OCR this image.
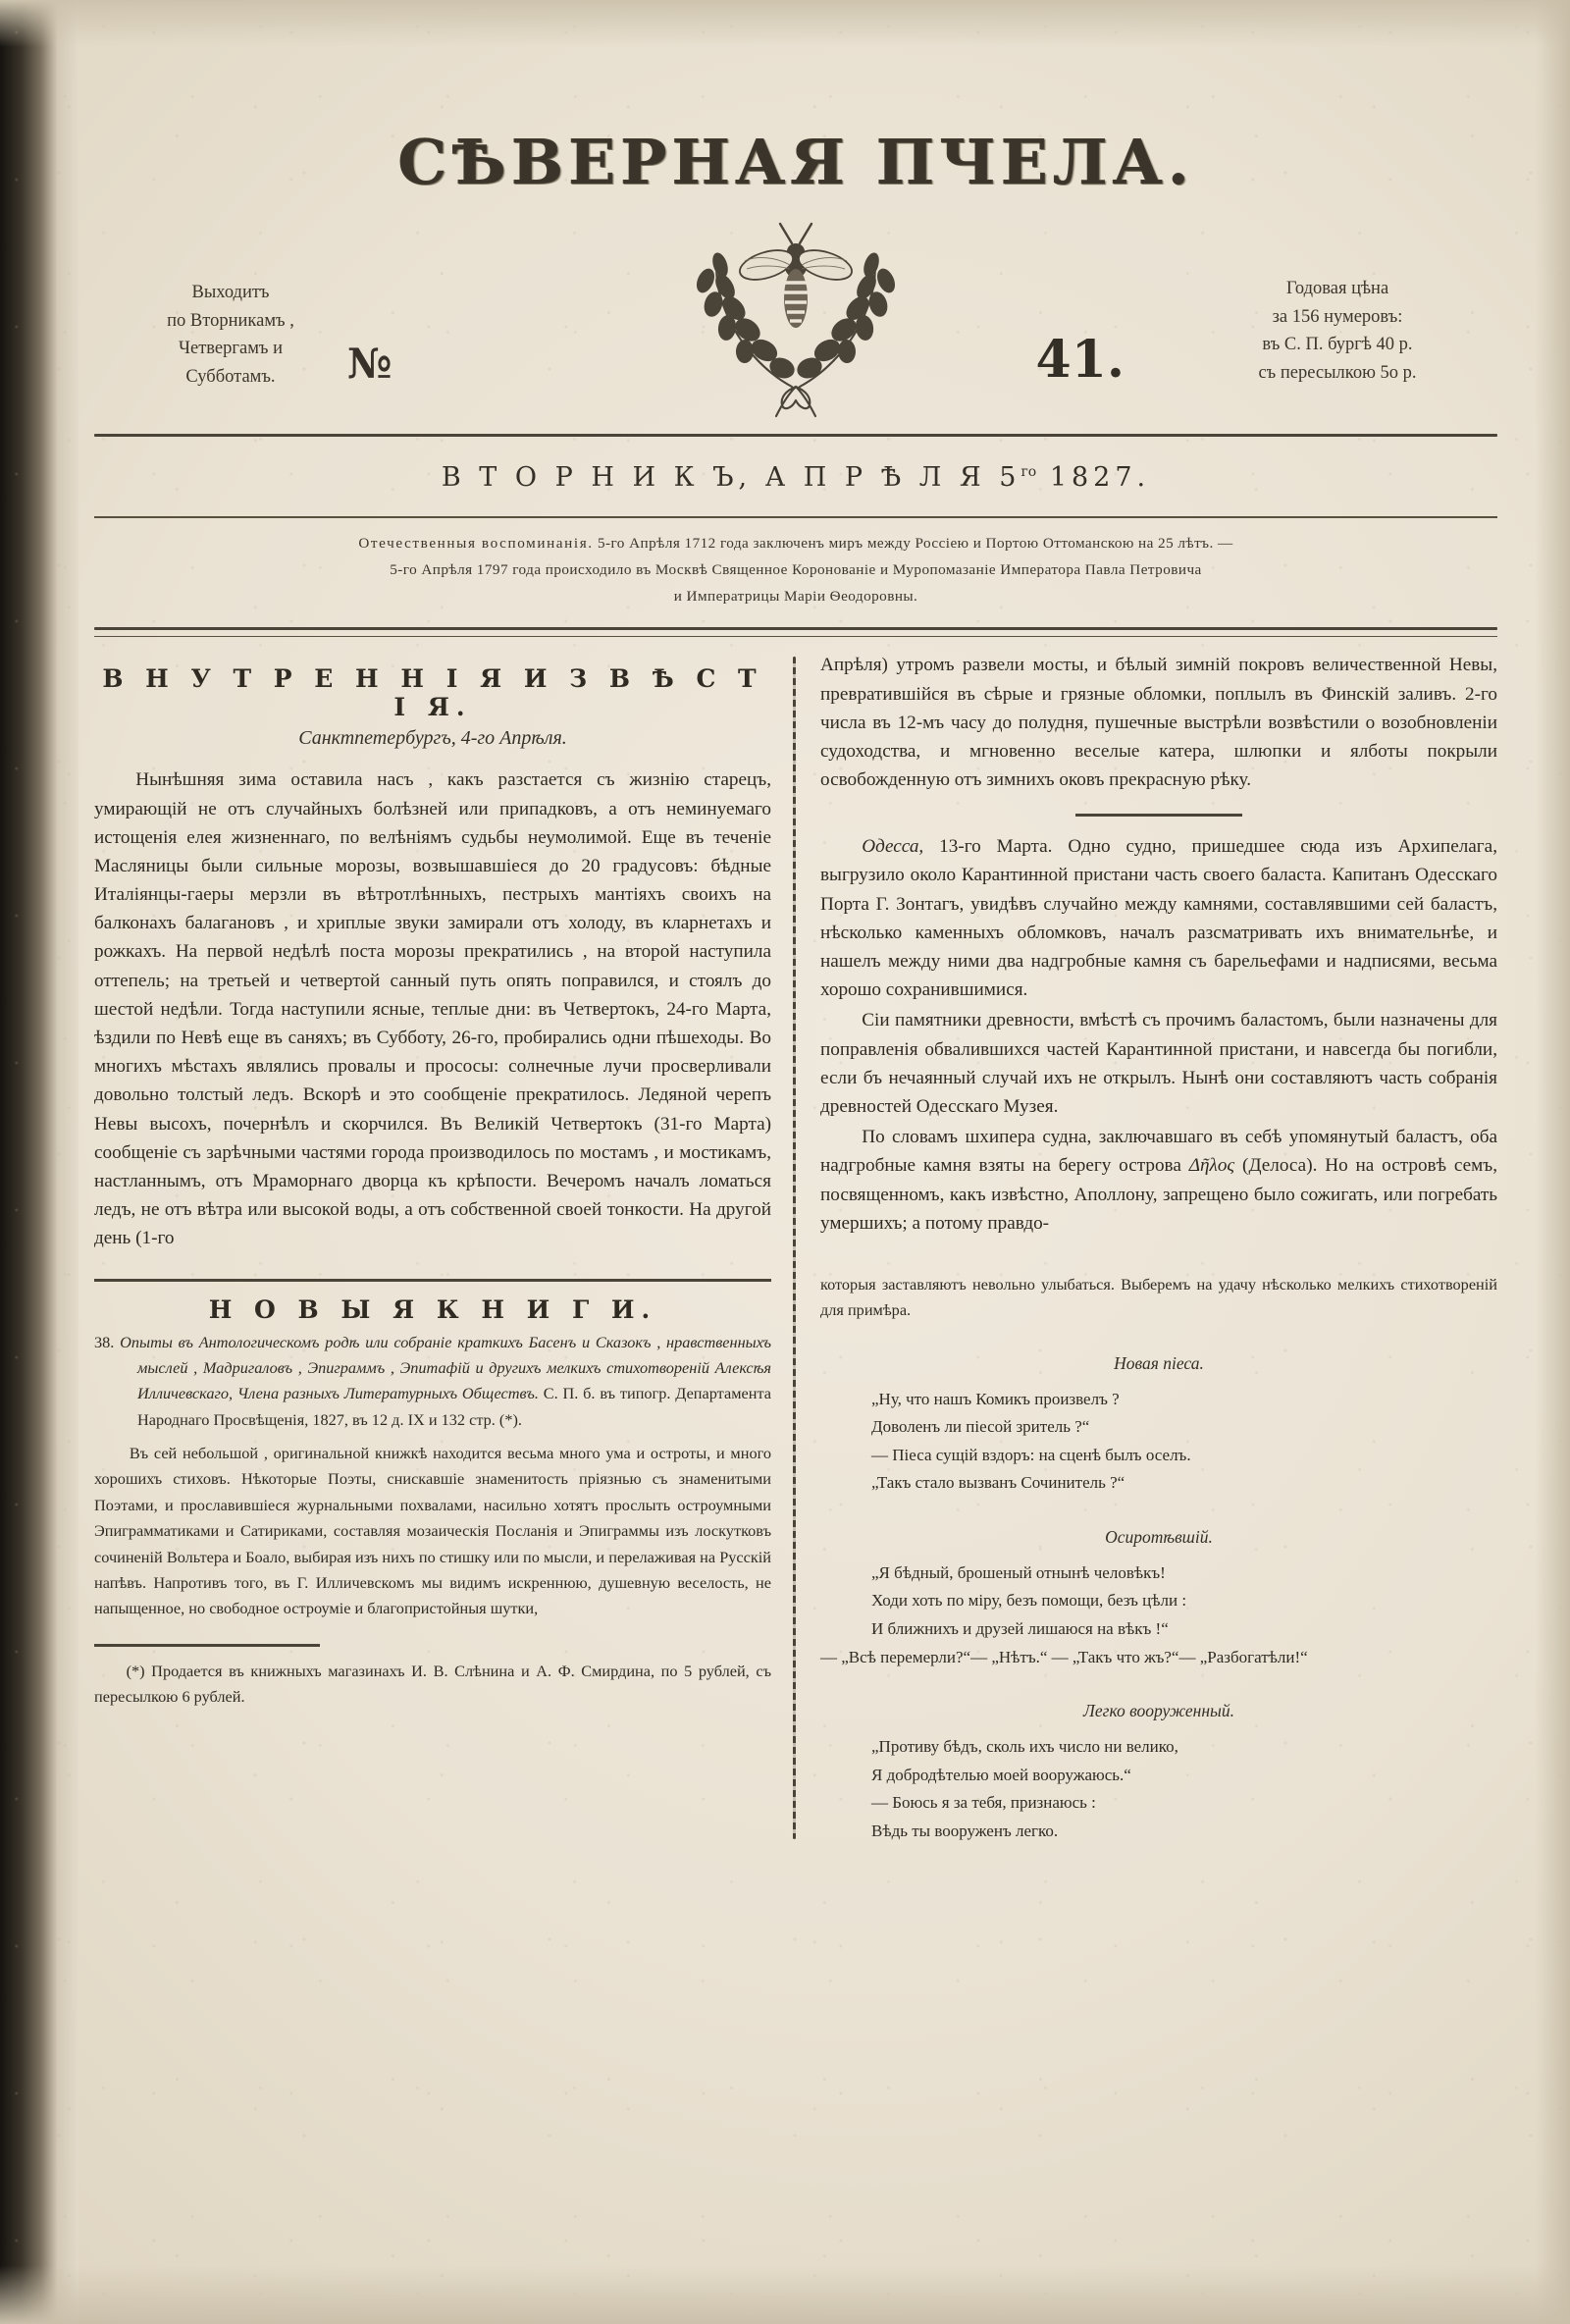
СѢВЕРНАЯ ПЧЕЛА.
Выходитъ
по Вторникамъ ,
Четвергамъ и
Субботамъ.	№	41.
Годовая цѣна
за 156 нумеровъ:
въ С. П. бургѣ 40 р.
съ пересылкою 5о р.
В Т О Р Н И К Ъ, А П Р Ѣ Л Я $5^{го}$ 1827.
Отечественныя воспоминанiя. 5-го Апрѣля 1712 года заключенъ миръ между Россiею и Портою Оттоманскою на 25 лѣтъ. —
5-го Апрѣля 1797 года происходило въ Москвѣ Священное Коронованiе и Муропомазанiе Императора Павла Петровича
и Императрицы Марiи Ѳеодоровны.
В Н У Т Р Е Н Н I Я И З В Ѣ С Т I Я.
Санктпетербургъ, 4-го Апрѣля.

Нынѣшняя зима оставила насъ , какъ разстается съ жизнiю старецъ, умирающiй не отъ случайныхъ болѣзней или припадковъ, а отъ неминуемаго истощенiя елея жизненнаго, по велѣнiямъ судьбы неумолимой. Еще въ теченiе Масляницы были сильные морозы, возвышавшiеся до 20 градусовъ: бѣдные Италiянцы-гаеры мерзли въ вѣтротлѣнныхъ, пестрыхъ мантiяхъ своихъ на балконахъ балагановъ , и хриплые звуки замирали отъ холоду, въ кларнетахъ и рожкахъ. На первой недѣлѣ поста морозы прекратились , на второй наступила оттепель; на третьей и четвертой санный путь опять поправился, и стоялъ до шестой недѣли. Тогда наступили ясные, теплые дни: въ Четвертокъ, 24-го Марта, ѣздили по Невѣ еще въ саняхъ; въ Субботу, 26-го, пробирались одни пѣшеходы. Во многихъ мѣстахъ являлись провалы и прососы: солнечные лучи просверливали довольно толстый ледъ. Вскорѣ и это сообщенiе прекратилось. Ледяной черепъ Невы высохъ, почернѣлъ и скорчился. Въ Великiй Четвертокъ (31-го Марта) сообщенiе съ зарѣчными частями города производилось по мостамъ , и мостикамъ, настланнымъ, отъ Мраморнаго дворца къ крѣпости. Вечеромъ началъ ломаться ледъ, не отъ вѣтра или высокой воды, а отъ собственной своей тонкости. На другой день (1-го

Н О В Ы Я К Н И Г И.

38. Опыты въ Антологическомъ родѣ или собранiе краткихъ Басенъ и Сказокъ , нравственныхъ мыслей , Мадригаловъ , Эпиграммъ , Эпитафiй и другихъ мелкихъ стихотворенiй Алексѣя Илличевскаго, Члена разныхъ Литературныхъ Обществъ. С. П. б. въ типогр. Департамента Народнаго Просвѣщенiя, 1827, въ 12 д. IX и 132 стр. (*).

Въ сей небольшой , оригинальной книжкѣ находится весьма много ума и остроты, и много хорошихъ стиховъ. Нѣкоторые Поэты, снискавшiе знаменитость прiязнью съ знаменитыми Поэтами, и прославившiеся журнальными похвалами, насильно хотятъ прослыть остроумными Эпиграмматиками и Сатириками, составляя мозаическiя Посланiя и Эпиграммы изъ лоскутковъ сочиненiй Вольтера и Боало, выбирая изъ нихъ по стишку или по мысли, и перелаживая на Русскiй напѣвъ. Напротивъ того, въ Г. Илличевскомъ мы видимъ искреннюю, душевную веселость, не напыщенное, но свободное остроумiе и благопристойныя шутки,

(*) Продается въ книжныхъ магазинахъ И. В. Слѣнина и А. Ф. Смирдина, по 5 рублей, съ пересылкою 6 рублей.

Апрѣля) утромъ развели мосты, и бѣлый зимнiй покровъ величественной Невы, превратившiйся въ сѣрые и грязные обломки, поплылъ въ Финскiй заливъ. 2-го числа въ 12-мъ часу до полудня, пушечные выстрѣли возвѣстили о возобновленiи судоходства, и мгновенно веселые катера, шлюпки и ялботы покрыли освобожденную отъ зимнихъ оковъ прекрасную рѣку.

Одесса, 13-го Марта. Одно судно, пришедшее сюда изъ Архипелага, выгрузило около Карантинной пристани часть своего баласта. Капитанъ Одесскаго Порта Г. Зонтагъ, увидѣвъ случайно между камнями, составлявшими сей баластъ, нѣсколько каменныхъ обломковъ, началъ разсматривать ихъ внимательнѣе, и нашелъ между ними два надгробные камня съ барельефами и надписями, весьма хорошо сохранившимися.

Сiи памятники древности, вмѣстѣ съ прочимъ баластомъ, были назначены для поправленiя обвалившихся частей Карантинной пристани, и навсегда бы погибли, если бъ нечаянный случай ихъ не открылъ. Нынѣ они составляютъ часть собранiя древностей Одесскаго Музея.

По словамъ шхипера судна, заключавшаго въ себѣ упомянутый баластъ, оба надгробные камня взяты на берегу острова Δῆλος (Делоса). Но на островѣ семъ, посвященномъ, какъ извѣстно, Аполлону, запрещено было сожигать, или погребать умершихъ; а потому правдо-

которыя заставляютъ невольно улыбаться. Выберемъ на удачу нѣсколько мелкихъ стихотворенiй для примѣра.

Новая пiеса.
„Ну, что нашъ Комикъ произвелъ ?
Доволенъ ли пiесой зритель ?“
— Пiеса сущiй вздоръ: на сценѣ былъ оселъ.
„Такъ стало вызванъ Сочинитель ?“
Осиротѣвшiй.
„Я бѣдный, брошеный отнынѣ человѣкъ!
Ходи хоть по мiру, безъ помощи, безъ цѣли :
И ближнихъ и друзей лишаюся на вѣкъ !“
— „Всѣ перемерли?“— „Нѣтъ.“ — „Такъ что жъ?“— „Разбогатѣли!“
Легко вооруженный.
„Противу бѣдъ, сколь ихъ число ни велико,
Я добродѣтелью моей вооружаюсь.“
— Боюсь я за тебя, признаюсь :
Вѣдь ты вооруженъ легко.
